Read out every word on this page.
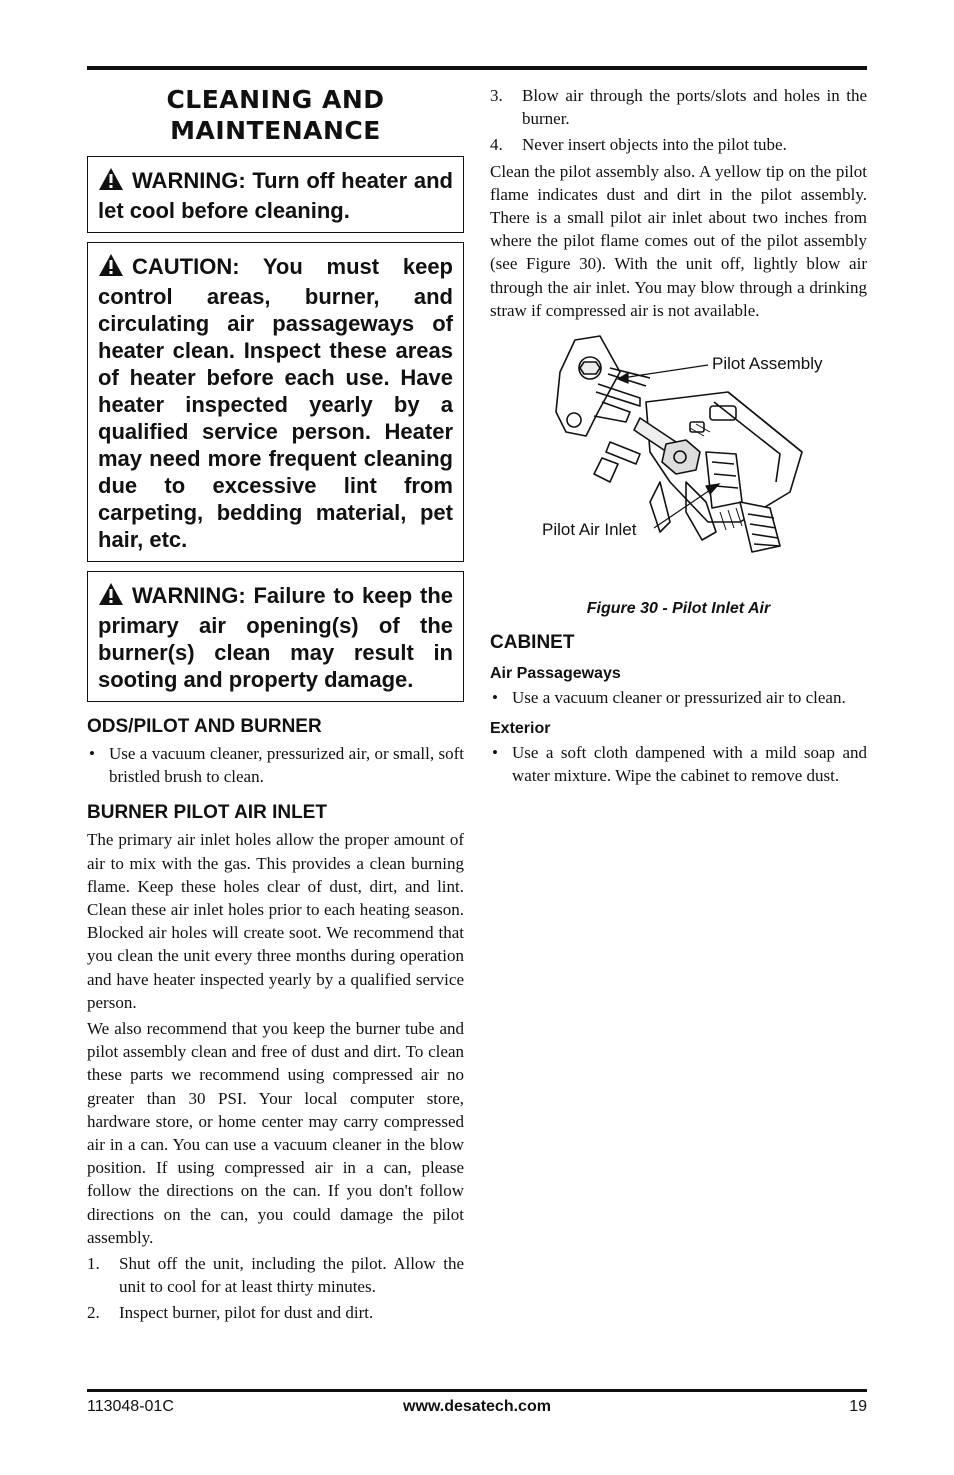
CLEANING AND
MAINTENANCE
WARNING: Turn off heater and let cool before cleaning.
CAUTION: You must keep control areas, burner, and circulating air passageways of heater clean. Inspect these areas of heater before each use. Have heater inspected yearly by a qualified service person. Heater may need more frequent cleaning due to excessive lint from carpeting, bedding material, pet hair, etc.
WARNING: Failure to keep the primary air opening(s) of the burner(s) clean may result in sooting and property damage.
ODS/PILOT AND BURNER
• Use a vacuum cleaner, pressurized air, or small, soft bristled brush to clean.
BURNER PILOT AIR INLET

The primary air inlet holes allow the proper amount of air to mix with the gas. This provides a clean burning flame. Keep these holes clear of dust, dirt, and lint. Clean these air inlet holes prior to each heating season. Blocked air holes will create soot. We recommend that you clean the unit every three months during operation and have heater inspected yearly by a qualified service person.

We also recommend that you keep the burner tube and pilot assembly clean and free of dust and dirt. To clean these parts we recommend using compressed air no greater than 30 PSI. Your local computer store, hardware store, or home center may carry compressed air in a can. You can use a vacuum cleaner in the blow position. If using compressed air in a can, please follow the directions on the can. If you don't follow directions on the can, you could damage the pilot assembly.

1. Shut off the unit, including the pilot. Allow the unit to cool for at least thirty minutes.
2. Inspect burner, pilot for dust and dirt.
3. Blow air through the ports/slots and holes in the burner.
4. Never insert objects into the pilot tube.

Clean the pilot assembly also. A yellow tip on the pilot flame indicates dust and dirt in the pilot assembly. There is a small pilot air inlet about two inches from where the pilot flame comes out of the pilot assembly (see Figure 30). With the unit off, lightly blow air through the air inlet. You may blow through a drinking straw if compressed air is not available.

Pilot Assembly
Pilot Air Inlet
Figure 30 - Pilot Inlet Air
CABINET
Air Passageways
• Use a vacuum cleaner or pressurized air to clean.
Exterior
• Use a soft cloth dampened with a mild soap and water mixture. Wipe the cabinet to remove dust.
113048-01C	www.desatech.com	19
